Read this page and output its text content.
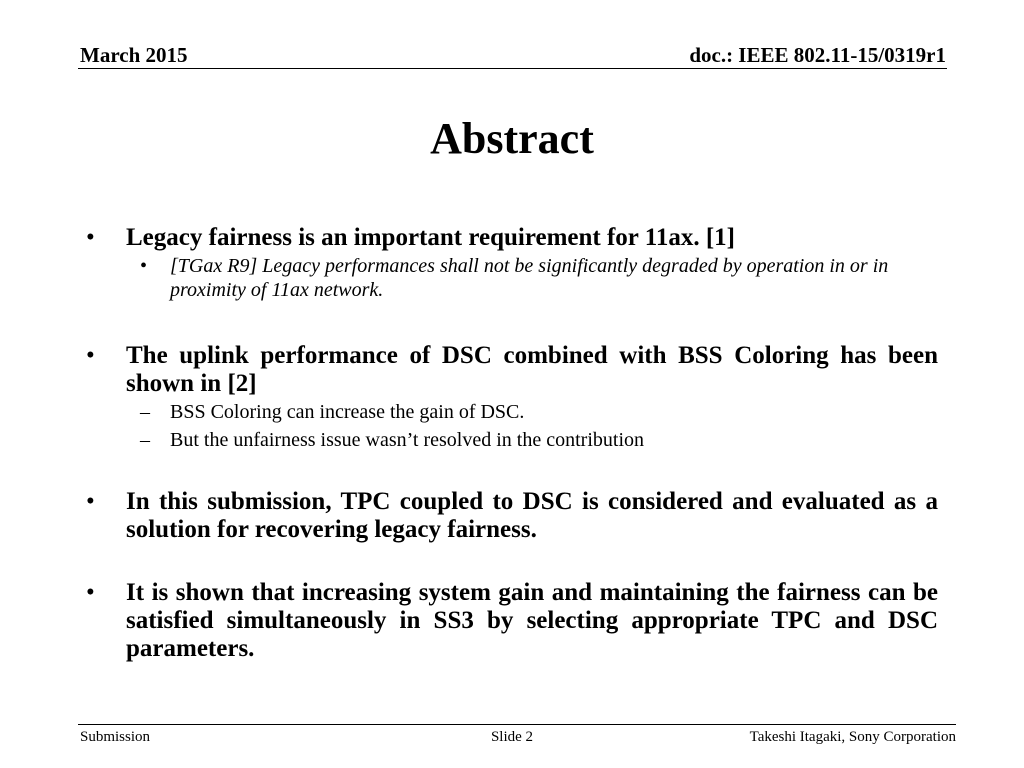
March 2015	doc.: IEEE 802.11-15/0319r1
Abstract
• Legacy fairness is an important requirement for 11ax. [1]
• [TGax R9] Legacy performances shall not be significantly degraded by operation in or in proximity of 11ax network.
• The uplink performance of DSC combined with BSS Coloring has been shown in [2]
– BSS Coloring can increase the gain of DSC.
– But the unfairness issue wasn’t resolved in the contribution
• In this submission, TPC coupled to DSC is considered and evaluated as a solution for recovering legacy fairness.
• It is shown that increasing system gain and maintaining the fairness can be satisfied simultaneously in SS3 by selecting appropriate TPC and DSC parameters.
Submission	Slide 2	Takeshi Itagaki, Sony Corporation
